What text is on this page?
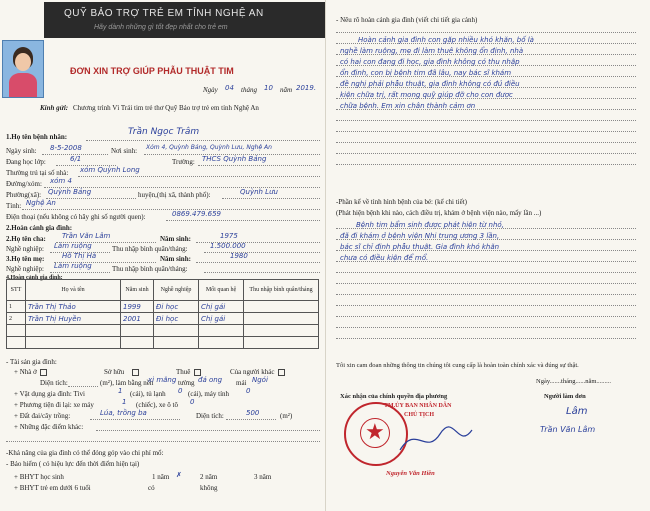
QUỸ BẢO TRỢ TRẺ EM TỈNH NGHỆ AN
Hãy dành những gì tốt đẹp nhất cho trẻ em
ĐƠN XIN TRỢ GIÚP PHẪU THUẬT TIM
Ngày 04 tháng 10 năm 2019.
Kính gửi: Chương trình Vì Trái tim trẻ thơ Quỹ Bảo trợ trẻ em tỉnh Nghệ An
1.Họ tên bệnh nhân:	Trần Ngọc Trâm
Ngày sinh: 8-5-2008	Nơi sinh: Xóm 4, Quỳnh Bảng, Quỳnh Lưu, Nghệ An
Đang học lớp:	6/1	Trường: THCS Quỳnh Bảng
Thường trú tại số nhà: xóm Quỳnh Long
Đường/xóm: xóm 4
Phường(xã): Quỳnh Bảng	huyện,(thị xã, thành phố):	Quỳnh Lưu
Tỉnh: Nghệ An
Điện thoại (nếu không có hãy ghi số người quen):	0869.479.659
2.Hoàn cảnh gia đình:
2.Họ tên cha: Trần Văn Lâm	Năm sinh:	1975
Nghề nghiệp: Làm ruộng	Thu nhập bình quân/tháng:	1.500.000
3.Họ tên mẹ:	Hồ Thị Hà	Năm sinh:	1980
Nghề nghiệp: Làm ruộng	Thu nhập bình quân/tháng:
4.Hoàn cảnh gia đình:
STT	Họ và tên	Năm sinh	Nghề nghiệp	Mối quan hệ	Thu nhập bình quân/tháng
1	Trần Thị Thảo	1999	Đi học	Chị gái	
2	Trần Thị Huyền	2001	Đi học	Chị gái	

- Tài sản gia đình:
+ Nhà ở	Sở hữu	Thuê	Của người khác
Diện tích:	(m²), làm bằng nền
xi măng tường đá ong mái Ngói
+ Vật dụng gia đình: Tivi	1 (cái), tủ lạnh 0 (cái), máy tính 0
+ Phương tiện đi lại: xe máy	1 (chiếc), xe ô tô 0
+ Đất đai/cây trồng:	Lúa, trồng ba	Diện tích:	500	(m²)
+ Những đặc điểm khác:
-Khả năng của gia đình có thể đóng góp vào chi phí mổ:
- Bảo hiểm ( có hiệu lực đến thời điểm hiện tại)
+ BHYT học sinh
+ BHYT trẻ em dưới 6 tuổi
1 năm ✗
có
2 năm
không
3 năm
- Nêu rõ hoàn cảnh gia đình (viết chi tiết gia cảnh)
Hoàn cảnh gia đình con gặp nhiều khó khăn, bố là
nghề làm ruộng, mẹ đi làm thuê không ổn định, nhà
có hai con đang đi học, gia đình không có thu nhập
ổn định, con bị bệnh tim đã lâu, nay bác sĩ khám
đề nghị phải phẫu thuật, gia đình không có đủ điều
kiện chữa trị, rất mong quỹ giúp đỡ cho con được
chữa bệnh. Em xin chân thành cảm ơn
-Phần kể về tình hình bệnh của bé: (kể chi tiết)
(Phát hiện bệnh khi nào, cách điều trị, khám ở bệnh viện nào, mấy lần ...)
Bệnh tim bẩm sinh được phát hiện từ nhỏ,
đã đi khám ở bệnh viện Nhi trung ương 3 lần,
bác sĩ chỉ định phẫu thuật. Gia đình khó khăn
chưa có điều kiện để mổ.
Tôi xin cam đoan những thông tin chúng tôi cung cấp là hoàn toàn chính xác và đúng sự thật.
Ngày.......tháng......năm.........
Xác nhận của chính quyền địa phương	Người làm đơn
★
TM.ỦY BAN NHÂN DÂN
CHỦ TỊCH
Nguyễn Văn Hiền
Lâm
Trần Văn Lâm
